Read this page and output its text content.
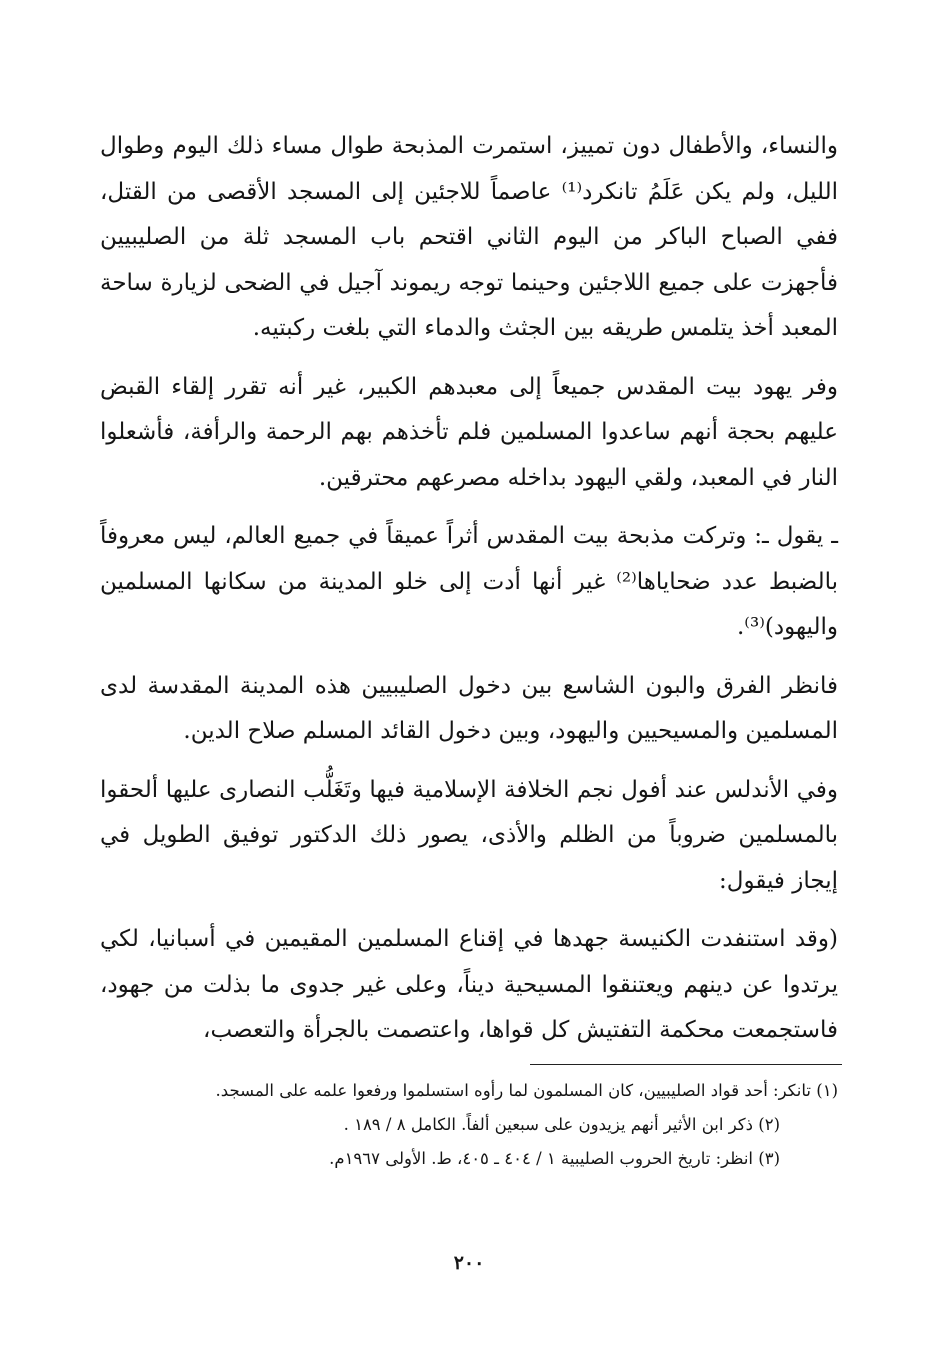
والنساء، والأطفال دون تمييز، استمرت المذبحة طوال مساء ذلك اليوم وطوال الليل، ولم يكن عَلَمُ تانكرد⁽¹⁾ عاصماً للاجئين إلى المسجد الأقصى من القتل، ففي الصباح الباكر من اليوم الثاني اقتحم باب المسجد ثلة من الصليبيين فأجهزت على جميع اللاجئين وحينما توجه ريموند آجيل في الضحى لزيارة ساحة المعبد أخذ يتلمس طريقه بين الجثث والدماء التي بلغت ركبتيه.

وفر يهود بيت المقدس جميعاً إلى معبدهم الكبير، غير أنه تقرر إلقاء القبض عليهم بحجة أنهم ساعدوا المسلمين فلم تأخذهم بهم الرحمة والرأفة، فأشعلوا النار في المعبد، ولقي اليهود بداخله مصرعهم محترقين.

ـ يقول ـ: وتركت مذبحة بيت المقدس أثراً عميقاً في جميع العالم، ليس معروفاً بالضبط عدد ضحاياها⁽²⁾ غير أنها أدت إلى خلو المدينة من سكانها المسلمين واليهود)⁽³⁾.

فانظر الفرق والبون الشاسع بين دخول الصليبيين هذه المدينة المقدسة لدى المسلمين والمسيحيين واليهود، وبين دخول القائد المسلم صلاح الدين.

وفي الأندلس عند أفول نجم الخلافة الإسلامية فيها وتَغَلُّب النصارى عليها ألحقوا بالمسلمين ضروباً من الظلم والأذى، يصور ذلك الدكتور توفيق الطويل في إيجاز فيقول:

(وقد استنفدت الكنيسة جهدها في إقناع المسلمين المقيمين في أسبانيا، لكي يرتدوا عن دينهم ويعتنقوا المسيحية ديناً، وعلى غير جدوى ما بذلت من جهود، فاستجمعت محكمة التفتيش كل قواها، واعتصمت بالجرأة والتعصب،

(١) تانكر: أحد قواد الصليبيين، كان المسلمون لما رأوه استسلموا ورفعوا علمه على المسجد.

(٢) ذكر ابن الأثير أنهم يزيدون على سبعين ألفاً. الكامل ٨ / ١٨٩ .

(٣) انظر: تاريخ الحروب الصليبية ١ / ٤٠٤ ـ ٤٠٥، ط. الأولى ١٩٦٧م.

٢٠٠
